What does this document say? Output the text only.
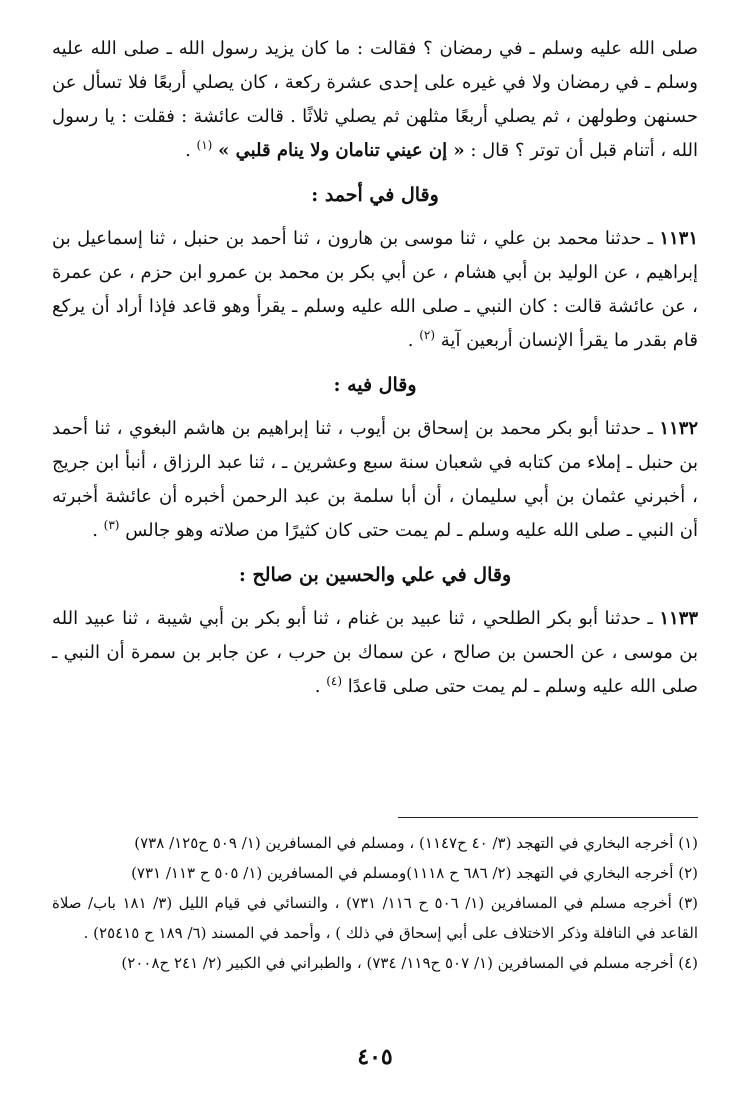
صلى الله عليه وسلم ـ في رمضان ؟ فقالت : ما كان يزيد رسول الله ـ صلى الله عليه وسلم ـ في رمضان ولا في غيره على إحدى عشرة ركعة ، كان يصلي أربعًا فلا تسأل عن حسنهن وطولهن ، ثم يصلي أربعًا مثلهن ثم يصلي ثلاثًا . قالت عائشة : فقلت : يا رسول الله ، أتنام قبل أن توتر ؟ قال : « إن عيني تنامان ولا ينام قلبي » $^{(١)}$ .

وقال في أحمد :

١١٣١ ـ حدثنا محمد بن علي ، ثنا موسى بن هارون ، ثنا أحمد بن حنبل ، ثنا إسماعيل بن إبراهيم ، عن الوليد بن أبي هشام ، عن أبي بكر بن محمد بن عمرو ابن حزم ، عن عمرة ، عن عائشة قالت : كان النبي ـ صلى الله عليه وسلم ـ يقرأ وهو قاعد فإذا أراد أن يركع قام بقدر ما يقرأ الإنسان أربعين آية $^{(٢)}$ .

وقال فيه :

١١٣٢ ـ حدثنا أبو بكر محمد بن إسحاق بن أيوب ، ثنا إبراهيم بن هاشم البغوي ، ثنا أحمد بن حنبل ـ إملاء من كتابه في شعبان سنة سبع وعشرين ـ ، ثنا عبد الرزاق ، أنبأ ابن جريج ، أخبرني عثمان بن أبي سليمان ، أن أبا سلمة بن عبد الرحمن أخبره أن عائشة أخبرته أن النبي ـ صلى الله عليه وسلم ـ لم يمت حتى كان كثيرًا من صلاته وهو جالس $^{(٣)}$ .

وقال في علي والحسين بن صالح :

١١٣٣ ـ حدثنا أبو بكر الطلحي ، ثنا عبيد بن غنام ، ثنا أبو بكر بن أبي شيبة ، ثنا عبيد الله بن موسى ، عن الحسن بن صالح ، عن سماك بن حرب ، عن جابر بن سمرة أن النبي ـ صلى الله عليه وسلم ـ لم يمت حتى صلى قاعدًا $^{(٤)}$ .

(١) أخرجه البخاري في التهجد (٣/ ٤٠ ح١١٤٧) ، ومسلم في المسافرين (١/ ٥٠٩ ح١٢٥/ ٧٣٨)

(٢) أخرجه البخاري في التهجد (٢/ ٦٨٦ ح ١١١٨)ومسلم في المسافرين (١/ ٥٠٥ ح ١١٣/ ٧٣١)

(٣) أخرجه مسلم في المسافرين (١/ ٥٠٦ ح ١١٦/ ٧٣١) ، والنسائي في قيام الليل (٣/ ١٨١ باب/ صلاة القاعد في النافلة وذكر الاختلاف على أبي إسحاق في ذلك ) ، وأحمد في المسند (٦/ ١٨٩ ح ٢٥٤١٥) .

(٤) أخرجه مسلم في المسافرين (١/ ٥٠٧ ح١١٩/ ٧٣٤) ، والطبراني في الكبير (٢/ ٢٤١ ح٢٠٠٨)

٤٠٥
